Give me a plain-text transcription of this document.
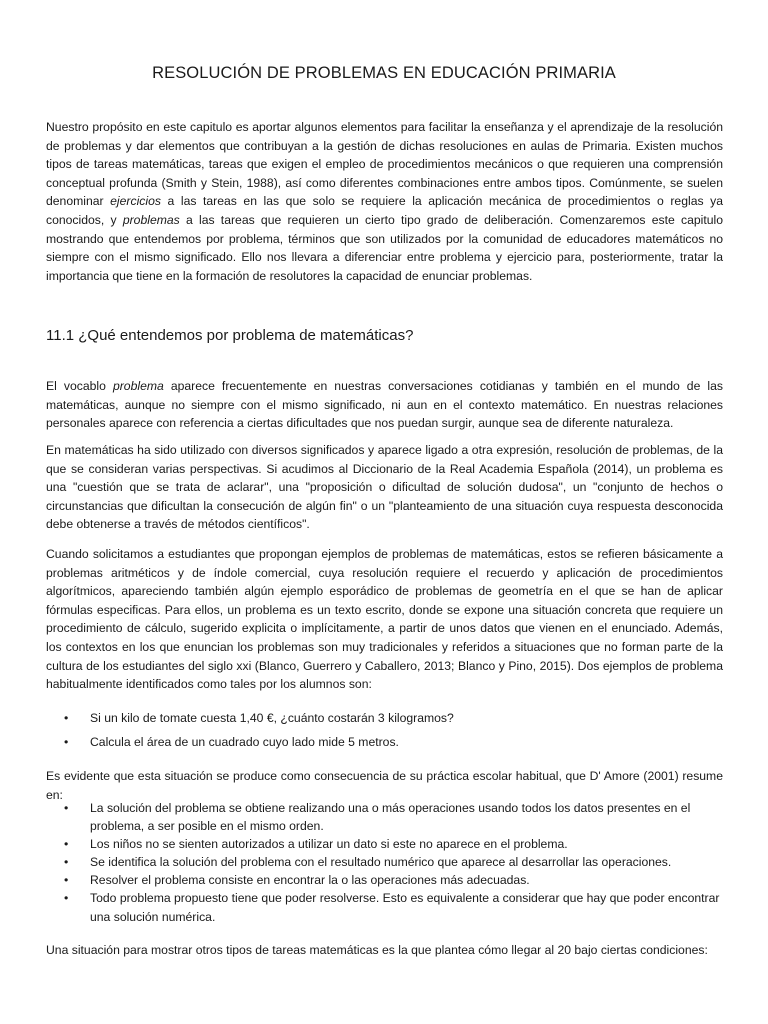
RESOLUCIÓN DE PROBLEMAS EN EDUCACIÓN PRIMARIA

Nuestro propósito en este capitulo es aportar algunos elementos para facilitar la enseñanza y el aprendizaje de la resolución de problemas y dar elementos que contribuyan a la gestión de dichas resoluciones en aulas de Primaria. Existen muchos tipos de tareas matemáticas, tareas que exigen el empleo de procedimientos mecánicos o que requieren una comprensión conceptual profunda (Smith y Stein, 1988), así como diferentes combinaciones entre ambos tipos. Comúnmente, se suelen denominar ejercicios a las tareas en las que solo se requiere la aplicación mecánica de procedimientos o reglas ya conocidos, y problemas a las tareas que requieren un cierto tipo grado de deliberación. Comenzaremos este capitulo mostrando que entendemos por problema, términos que son utilizados por la comunidad de educadores matemáticos no siempre con el mismo significado. Ello nos llevara a diferenciar entre problema y ejercicio para, posteriormente, tratar la importancia que tiene en la formación de resolutores la capacidad de enunciar problemas.

11.1 ¿Qué entendemos por problema de matemáticas?

El vocablo problema aparece frecuentemente en nuestras conversaciones cotidianas y también en el mundo de las matemáticas, aunque no siempre con el mismo significado, ni aun en el contexto matemático. En nuestras relaciones personales aparece con referencia a ciertas dificultades que nos puedan surgir, aunque sea de diferente naturaleza.

En matemáticas ha sido utilizado con diversos significados y aparece ligado a otra expresión, resolución de problemas, de la que se consideran varias perspectivas. Si acudimos al Diccionario de la Real Academia Española (2014), un problema es una "cuestión que se trata de aclarar", una "proposición o dificultad de solución dudosa", un "conjunto de hechos o circunstancias que dificultan la consecución de algún fin" o un "planteamiento de una situación cuya respuesta desconocida debe obtenerse a través de métodos científicos".

Cuando solicitamos a estudiantes que propongan ejemplos de problemas de matemáticas, estos se refieren básicamente a problemas aritméticos y de índole comercial, cuya resolución requiere el recuerdo y aplicación de procedimientos algorítmicos, apareciendo también algún ejemplo esporádico de problemas de geometría en el que se han de aplicar fórmulas especificas. Para ellos, un problema es un texto escrito, donde se expone una situación concreta que requiere un procedimiento de cálculo, sugerido explicita o implícitamente, a partir de unos datos que vienen en el enunciado. Además, los contextos en los que enuncian los problemas son muy tradicionales y referidos a situaciones que no forman parte de la cultura de los estudiantes del siglo xxi (Blanco, Guerrero y Caballero, 2013; Blanco y Pino, 2015). Dos ejemplos de problema habitualmente identificados como tales por los alumnos son:

• Si un kilo de tomate cuesta 1,40 €, ¿cuánto costarán 3 kilogramos?
• Calcula el área de un cuadrado cuyo lado mide 5 metros.

Es evidente que esta situación se produce como consecuencia de su práctica escolar habitual, que D' Amore (2001) resume en:

• La solución del problema se obtiene realizando una o más operaciones usando todos los datos presentes en el problema, a ser posible en el mismo orden.
• Los niños no se sienten autorizados a utilizar un dato si este no aparece en el problema.
• Se identifica la solución del problema con el resultado numérico que aparece al desarrollar las operaciones.
• Resolver el problema consiste en encontrar la o las operaciones más adecuadas.
• Todo problema propuesto tiene que poder resolverse. Esto es equivalente a considerar que hay que poder encontrar una solución numérica.

Una situación para mostrar otros tipos de tareas matemáticas es la que plantea cómo llegar al 20 bajo ciertas condiciones:
